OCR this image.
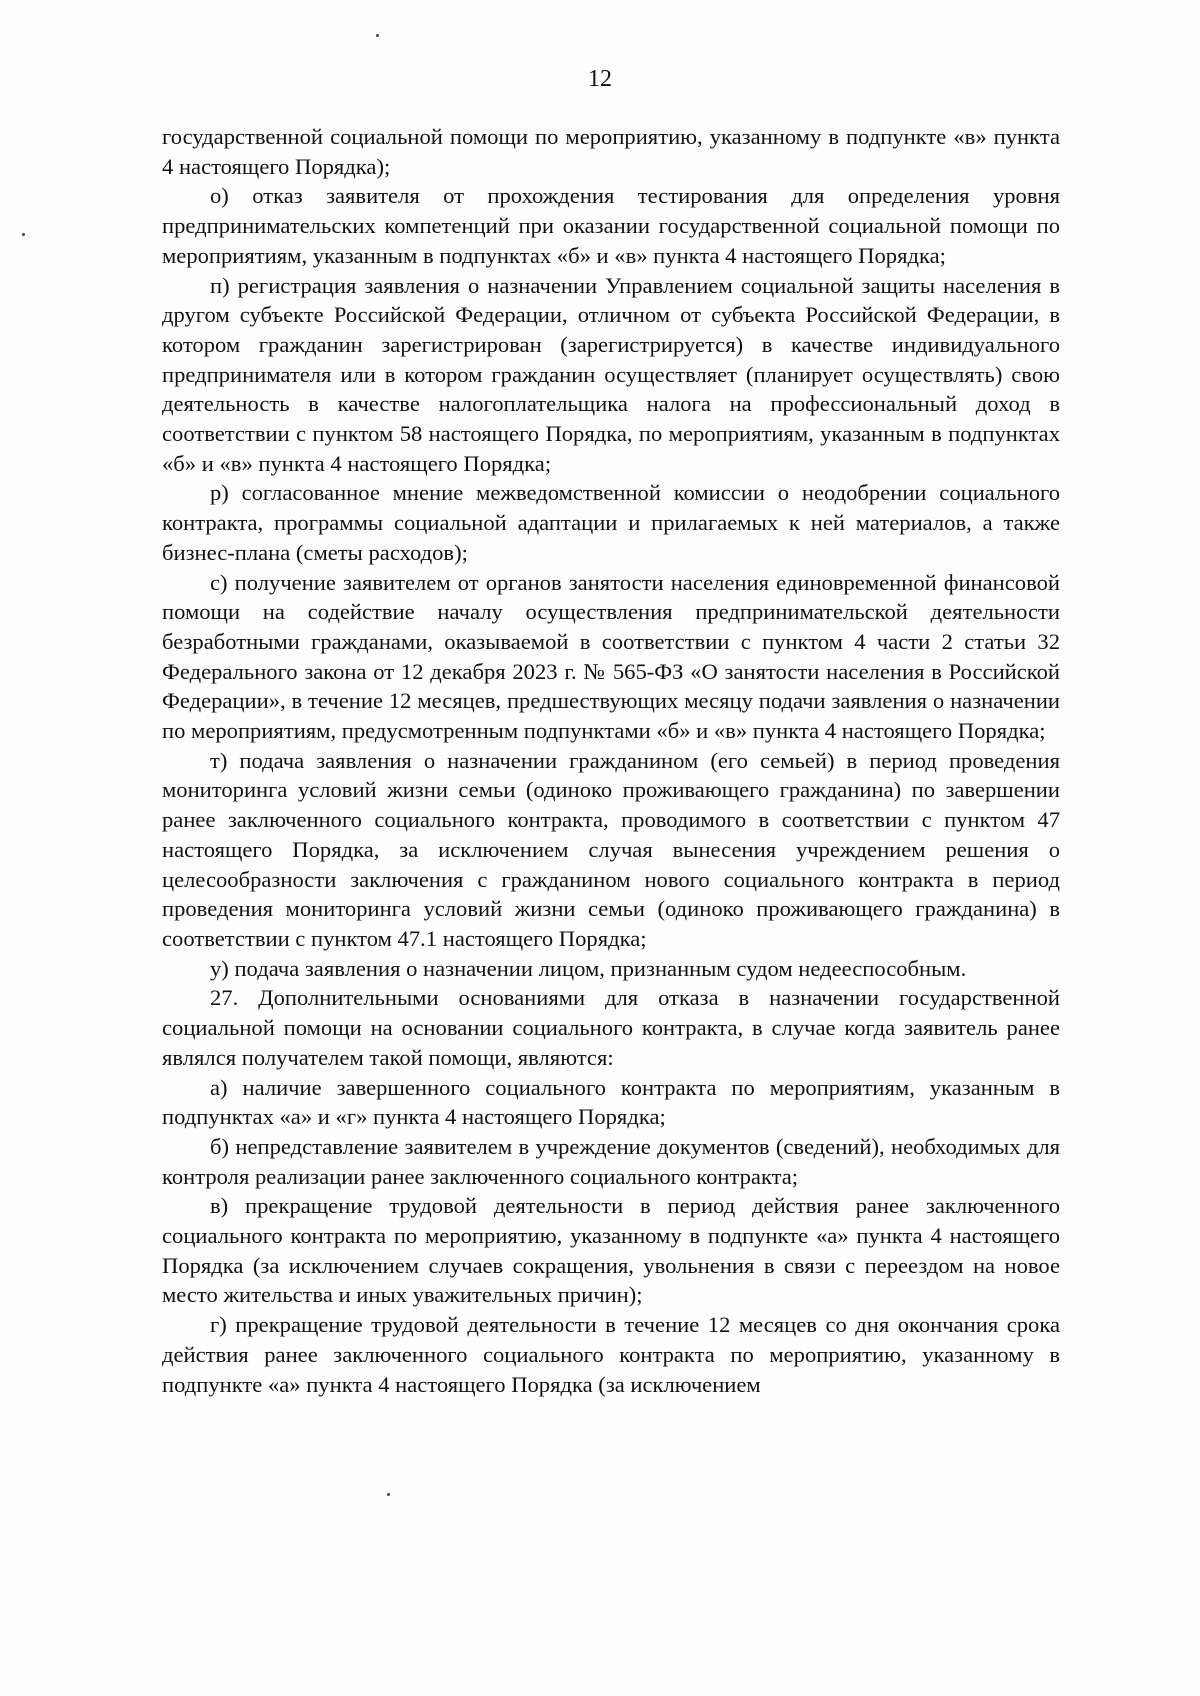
12

государственной социальной помощи по мероприятию, указанному в подпункте «в» пункта 4 настоящего Порядка);

о) отказ заявителя от прохождения тестирования для определения уровня предпринимательских компетенций при оказании государственной социальной помощи по мероприятиям, указанным в подпунктах «б» и «в» пункта 4 настоящего Порядка;

п) регистрация заявления о назначении Управлением социальной защиты населения в другом субъекте Российской Федерации, отличном от субъекта Российской Федерации, в котором гражданин зарегистрирован (зарегистрируется) в качестве индивидуального предпринимателя или в котором гражданин осуществляет (планирует осуществлять) свою деятельность в качестве налогоплательщика налога на профессиональный доход в соответствии с пунктом 58 настоящего Порядка, по мероприятиям, указанным в подпунктах «б» и «в» пункта 4 настоящего Порядка;

р) согласованное мнение межведомственной комиссии о неодобрении социального контракта, программы социальной адаптации и прилагаемых к ней материалов, а также бизнес-плана (сметы расходов);

с) получение заявителем от органов занятости населения единовременной финансовой помощи на содействие началу осуществления предпринимательской деятельности безработными гражданами, оказываемой в соответствии с пунктом 4 части 2 статьи 32 Федерального закона от 12 декабря 2023 г. № 565-ФЗ «О занятости населения в Российской Федерации», в течение 12 месяцев, предшествующих месяцу подачи заявления о назначении по мероприятиям, предусмотренным подпунктами «б» и «в» пункта 4 настоящего Порядка;

т) подача заявления о назначении гражданином (его семьей) в период проведения мониторинга условий жизни семьи (одиноко проживающего гражданина) по завершении ранее заключенного социального контракта, проводимого в соответствии с пунктом 47 настоящего Порядка, за исключением случая вынесения учреждением решения о целесообразности заключения с гражданином нового социального контракта в период проведения мониторинга условий жизни семьи (одиноко проживающего гражданина) в соответствии с пунктом 47.1 настоящего Порядка;

у) подача заявления о назначении лицом, признанным судом недееспособным.

27. Дополнительными основаниями для отказа в назначении государственной социальной помощи на основании социального контракта, в случае когда заявитель ранее являлся получателем такой помощи, являются:

а) наличие завершенного социального контракта по мероприятиям, указанным в подпунктах «а» и «г» пункта 4 настоящего Порядка;

б) непредставление заявителем в учреждение документов (сведений), необходимых для контроля реализации ранее заключенного социального контракта;

в) прекращение трудовой деятельности в период действия ранее заключенного социального контракта по мероприятию, указанному в подпункте «а» пункта 4 настоящего Порядка (за исключением случаев сокращения, увольнения в связи с переездом на новое место жительства и иных уважительных причин);

г) прекращение трудовой деятельности в течение 12 месяцев со дня окончания срока действия ранее заключенного социального контракта по мероприятию, указанному в подпункте «а» пункта 4 настоящего Порядка (за исключением
